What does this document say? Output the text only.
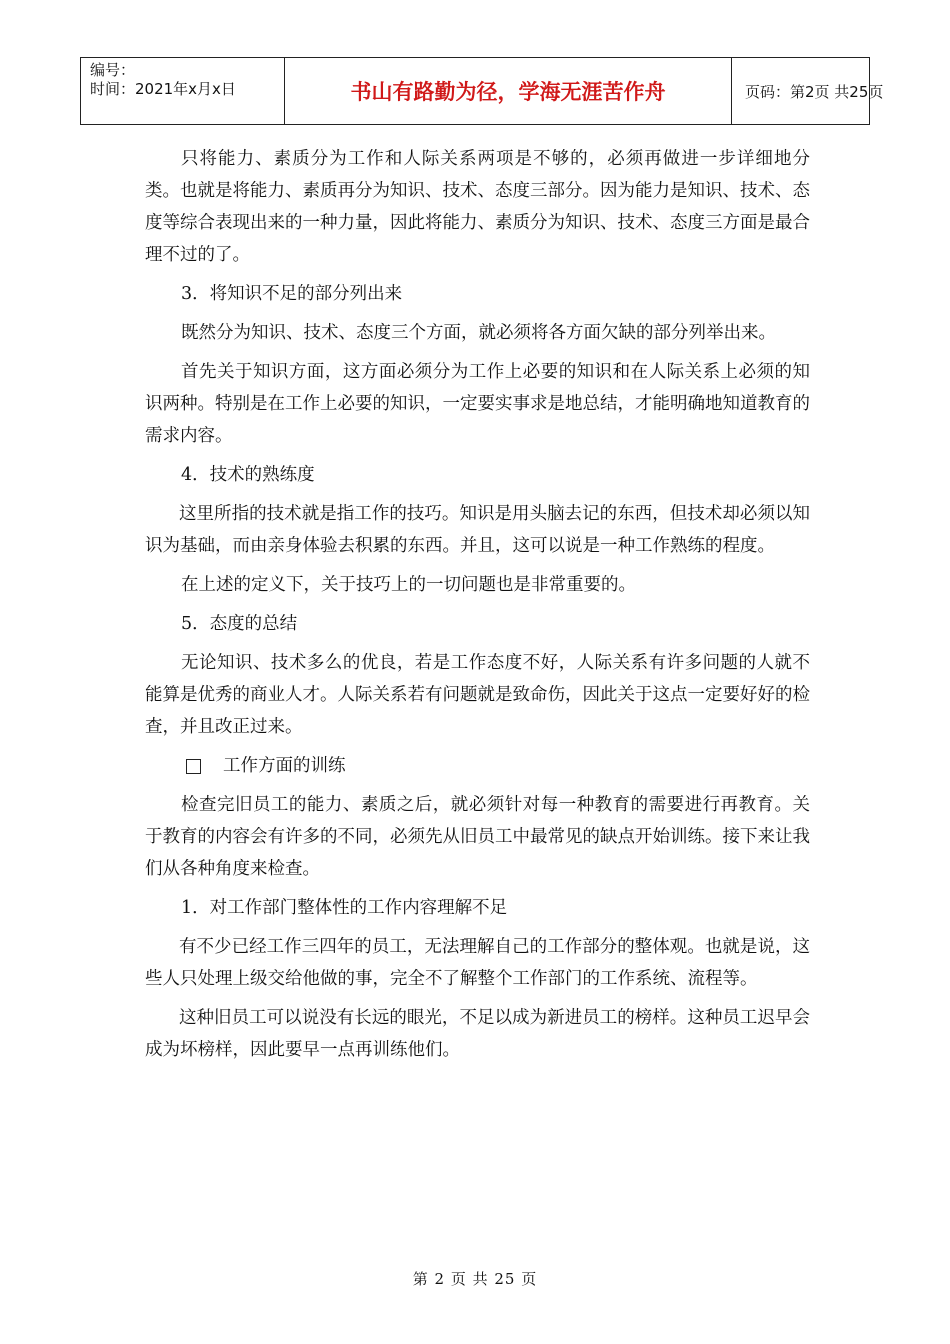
编号：
时间：2021年x月x日	书山有路勤为径，学海无涯苦作舟	页码：第2页 共25页

只将能力、素质分为工作和人际关系两项是不够的，必须再做进一步详细地分类。也就是将能力、素质再分为知识、技术、态度三部分。因为能力是知识、技术、态度等综合表现出来的一种力量，因此将能力、素质分为知识、技术、态度三方面是最合理不过的了。

3．将知识不足的部分列出来

既然分为知识、技术、态度三个方面，就必须将各方面欠缺的部分列举出来。

首先关于知识方面，这方面必须分为工作上必要的知识和在人际关系上必须的知识两种。特别是在工作上必要的知识，一定要实事求是地总结，才能明确地知道教育的需求内容。

4．技术的熟练度

这里所指的技术就是指工作的技巧。知识是用头脑去记的东西，但技术却必须以知识为基础，而由亲身体验去积累的东西。并且，这可以说是一种工作熟练的程度。

在上述的定义下，关于技巧上的一切问题也是非常重要的。

5．态度的总结

无论知识、技术多么的优良，若是工作态度不好，人际关系有许多问题的人就不能算是优秀的商业人才。人际关系若有问题就是致命伤，因此关于这点一定要好好的检查，并且改正过来。

工作方面的训练

检查完旧员工的能力、素质之后，就必须针对每一种教育的需要进行再教育。关于教育的内容会有许多的不同，必须先从旧员工中最常见的缺点开始训练。接下来让我们从各种角度来检查。

1．对工作部门整体性的工作内容理解不足

有不少已经工作三四年的员工，无法理解自己的工作部分的整体观。也就是说，这些人只处理上级交给他做的事，完全不了解整个工作部门的工作系统、流程等。

这种旧员工可以说没有长远的眼光，不足以成为新进员工的榜样。这种员工迟早会成为坏榜样，因此要早一点再训练他们。

第 2 页 共 25 页
